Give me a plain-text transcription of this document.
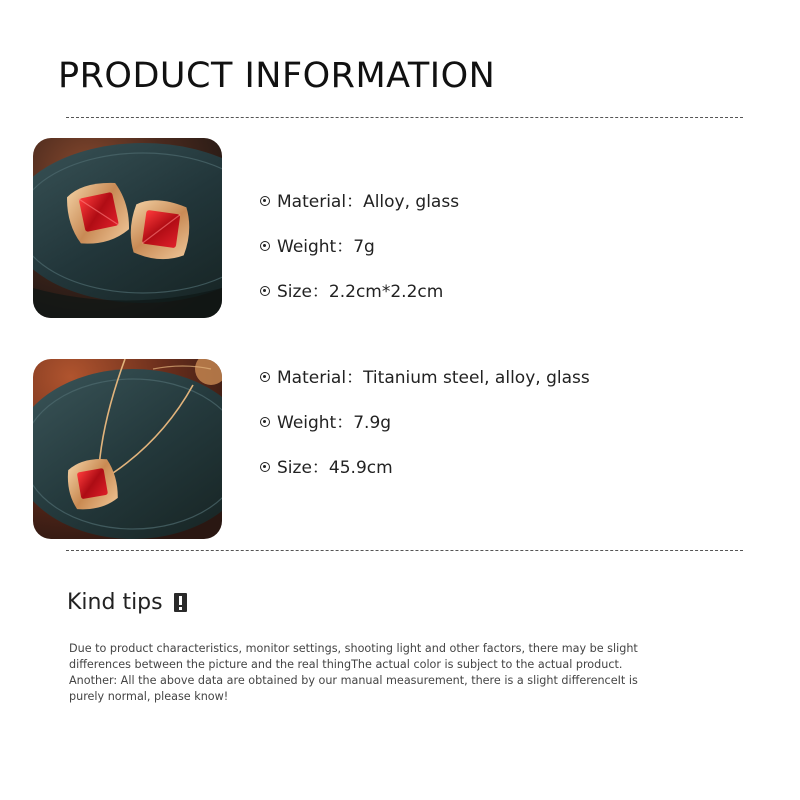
PRODUCT INFORMATION
Material ： Alloy, glass
Weight ： 7g
Size ： 2.2cm*2.2cm
Material ： Titanium steel, alloy, glass
Weight ： 7.9g
Size ： 45.9cm
Kind tips

Due to product characteristics, monitor settings, shooting light and other factors, there may be slight differences between the picture and the real thingThe actual color is subject to the actual product. Another: All the above data are obtained by our manual measurement, there is a slight differenceIt is purely normal, please know!
